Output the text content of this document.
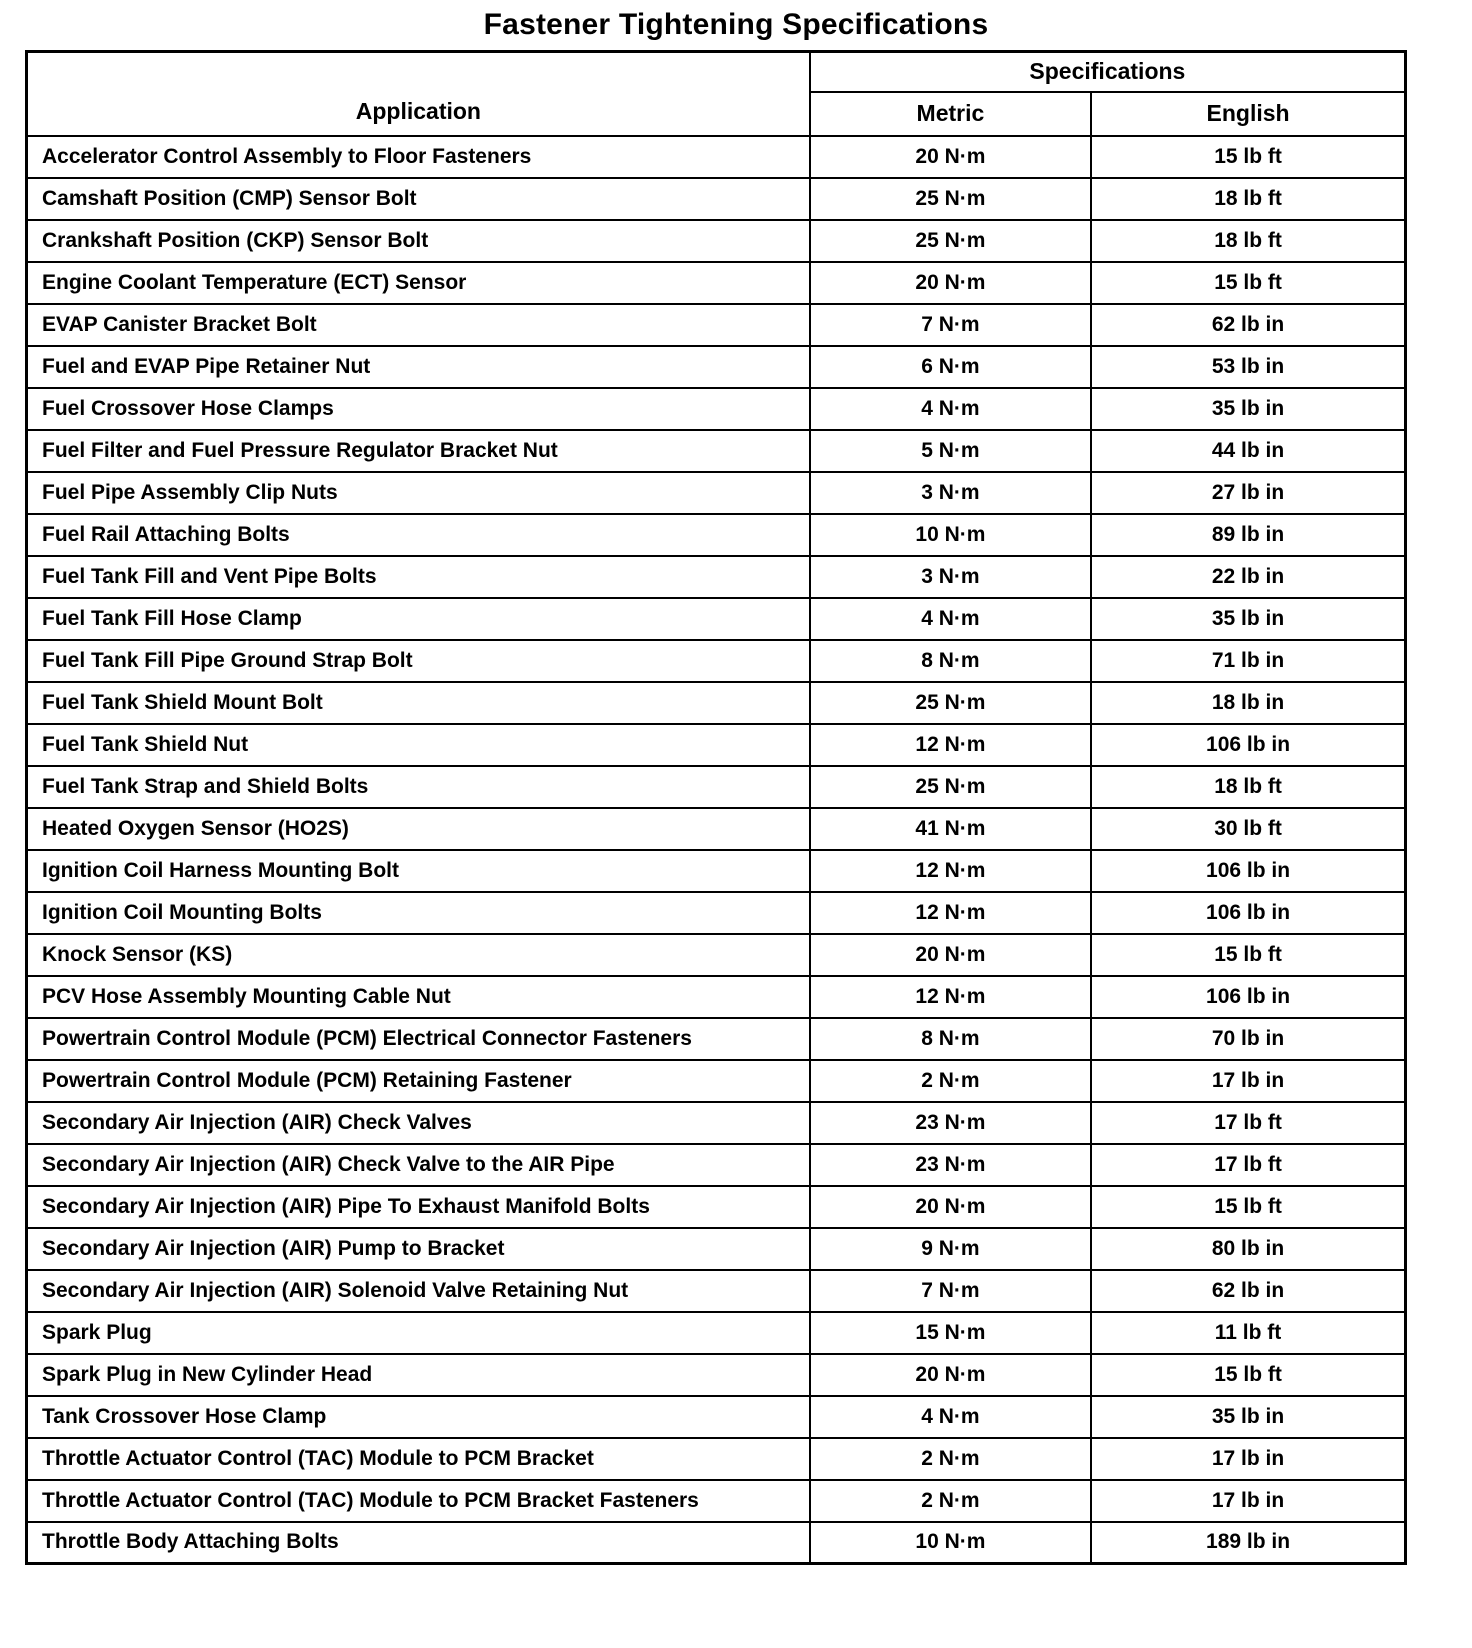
Fastener Tightening Specifications
Application	Specifications	
	Metric	English
Accelerator Control Assembly to Floor Fasteners	20 N·m	15 lb ft
Camshaft Position (CMP) Sensor Bolt	25 N·m	18 lb ft
Crankshaft Position (CKP) Sensor Bolt	25 N·m	18 lb ft
Engine Coolant Temperature (ECT) Sensor	20 N·m	15 lb ft
EVAP Canister Bracket Bolt	7 N·m	62 lb in
Fuel and EVAP Pipe Retainer Nut	6 N·m	53 lb in
Fuel Crossover Hose Clamps	4 N·m	35 lb in
Fuel Filter and Fuel Pressure Regulator Bracket Nut	5 N·m	44 lb in
Fuel Pipe Assembly Clip Nuts	3 N·m	27 lb in
Fuel Rail Attaching Bolts	10 N·m	89 lb in
Fuel Tank Fill and Vent Pipe Bolts	3 N·m	22 lb in
Fuel Tank Fill Hose Clamp	4 N·m	35 lb in
Fuel Tank Fill Pipe Ground Strap Bolt	8 N·m	71 lb in
Fuel Tank Shield Mount Bolt	25 N·m	18 lb in
Fuel Tank Shield Nut	12 N·m	106 lb in
Fuel Tank Strap and Shield Bolts	25 N·m	18 lb ft
Heated Oxygen Sensor (HO2S)	41 N·m	30 lb ft
Ignition Coil Harness Mounting Bolt	12 N·m	106 lb in
Ignition Coil Mounting Bolts	12 N·m	106 lb in
Knock Sensor (KS)	20 N·m	15 lb ft
PCV Hose Assembly Mounting Cable Nut	12 N·m	106 lb in
Powertrain Control Module (PCM) Electrical Connector Fasteners	8 N·m	70 lb in
Powertrain Control Module (PCM) Retaining Fastener	2 N·m	17 lb in
Secondary Air Injection (AIR) Check Valves	23 N·m	17 lb ft
Secondary Air Injection (AIR) Check Valve to the AIR Pipe	23 N·m	17 lb ft
Secondary Air Injection (AIR) Pipe To Exhaust Manifold Bolts	20 N·m	15 lb ft
Secondary Air Injection (AIR) Pump to Bracket	9 N·m	80 lb in
Secondary Air Injection (AIR) Solenoid Valve Retaining Nut	7 N·m	62 lb in
Spark Plug	15 N·m	11 lb ft
Spark Plug in New Cylinder Head	20 N·m	15 lb ft
Tank Crossover Hose Clamp	4 N·m	35 lb in
Throttle Actuator Control (TAC) Module to PCM Bracket	2 N·m	17 lb in
Throttle Actuator Control (TAC) Module to PCM Bracket Fasteners	2 N·m	17 lb in
Throttle Body Attaching Bolts	10 N·m	189 lb in
